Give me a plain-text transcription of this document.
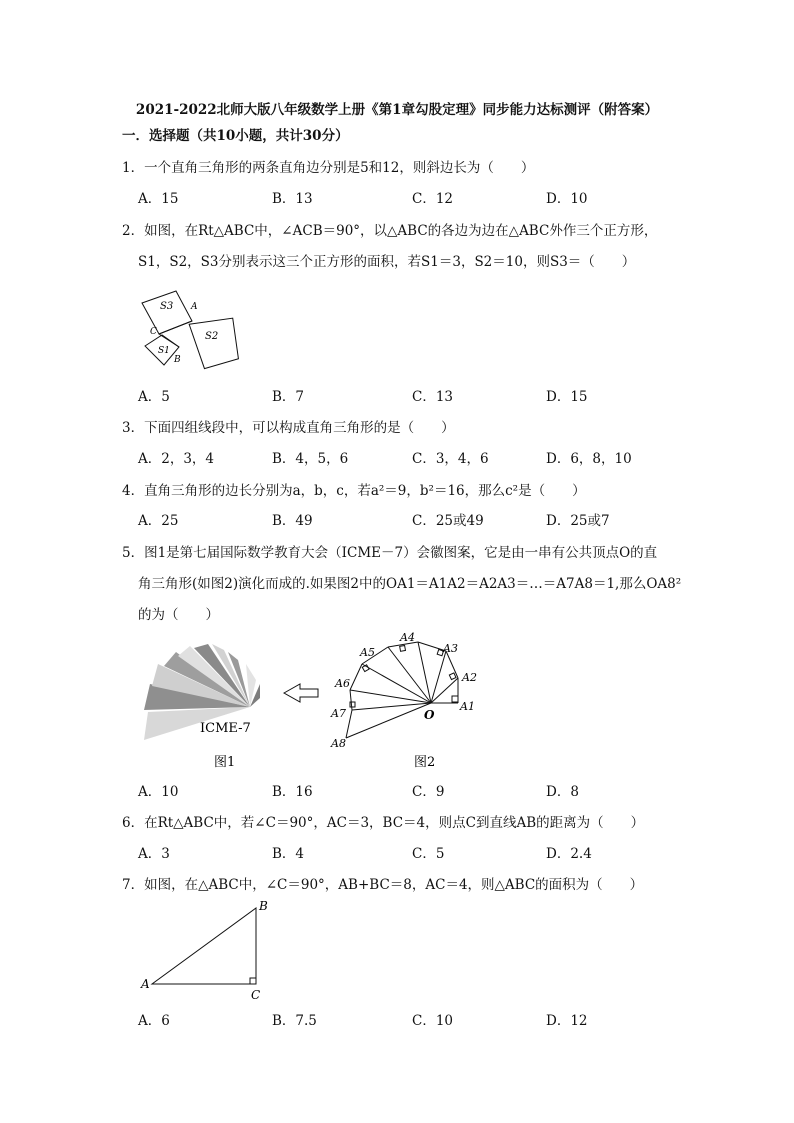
2021-2022北师大版八年级数学上册《第1章勾股定理》同步能力达标测评（附答案）
一．选择题（共10小题，共计30分）
1．一个直角三角形的两条直角边分别是5和12，则斜边长为（　　）
A．15	B．13	C．12	D．10
2．如图，在Rt△ABC中，∠ACB＝90°，以△ABC的各边为边在△ABC外作三个正方形，
S1，S2，S3分别表示这三个正方形的面积，若S1＝3，S2＝10，则S3＝（　　）
S3
S2
S1
A
C
B
A．5	B．7	C．13	D．15
3．下面四组线段中，可以构成直角三角形的是（　　）
A．2，3，4	B．4，5，6	C．3，4，6	D．6，8，10
4．直角三角形的边长分别为a，b，c，若a²＝9，b²＝16，那么c²是（　　）
A．25	B．49	C．25或49	D．25或7
5．图1是第七届国际数学教育大会（ICME－7）会徽图案，它是由一串有公共顶点O的直
角三角形(如图2)演化而成的.如果图2中的OA1＝A1A2＝A2A3＝…＝A7A8＝1,那么OA8²
的为（　　）
ICME-7
图1
O
A1
A2
A3
A4
A5
A6
A7
A8
图2
A．10	B．16	C．9	D．8
6．在Rt△ABC中，若∠C＝90°，AC＝3，BC＝4，则点C到直线AB的距离为（　　）
A．3	B．4	C．5	D．2.4
7．如图，在△ABC中，∠C＝90°，AB+BC＝8，AC＝4，则△ABC的面积为（　　）
A
B
C
A．6	B．7.5	C．10	D．12
